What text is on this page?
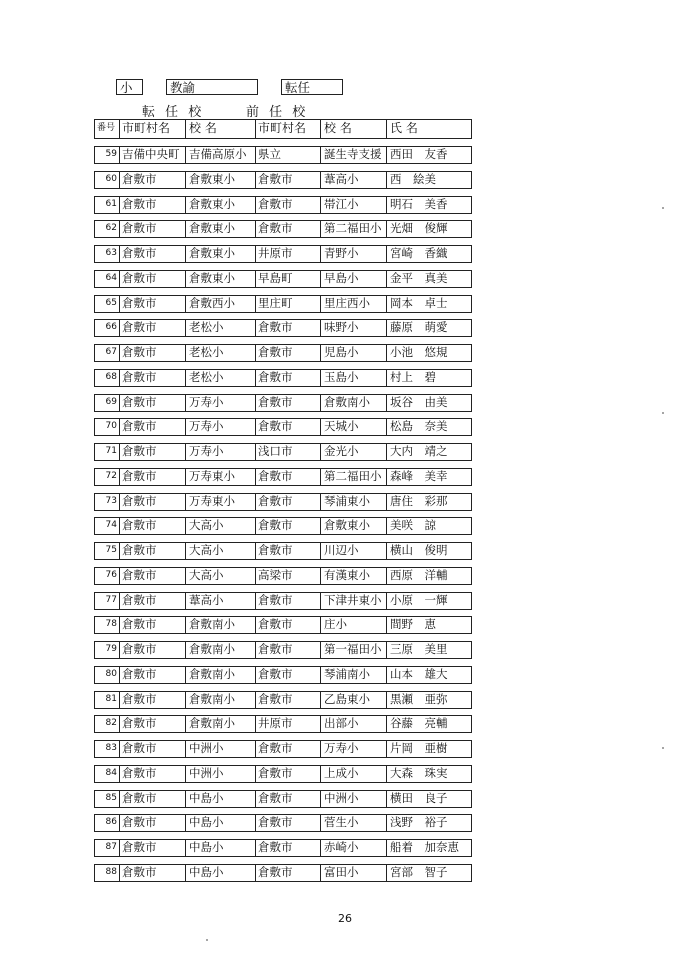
小	教諭	転任
転 任 校	前 任 校
番号 市町村名 校 名	市町村名 校 名	氏 名
59 吉備中央町 吉備高原小 県立	誕生寺支援 西田　友香
60 倉敷市	倉敷東小 倉敷市	葦高小	西　絵美
61 倉敷市	倉敷東小 倉敷市	帯江小	明石　美香
62 倉敷市	倉敷東小 倉敷市	第二福田小 光畑　俊輝
63 倉敷市	倉敷東小 井原市	青野小	宮崎　香織
64 倉敷市	倉敷東小 早島町	早島小	金平　真美
65 倉敷市	倉敷西小 里庄町	里庄西小 岡本　卓士
66 倉敷市	老松小	倉敷市	味野小	藤原　萌愛
67 倉敷市	老松小	倉敷市	児島小	小池　悠規
68 倉敷市	老松小	倉敷市	玉島小	村上　碧
69 倉敷市	万寿小	倉敷市	倉敷南小 坂谷　由美
70 倉敷市	万寿小	倉敷市	天城小	松島　奈美
71 倉敷市	万寿小	浅口市	金光小	大内　靖之
72 倉敷市	万寿東小 倉敷市	第二福田小 森峰　美幸
73 倉敷市	万寿東小 倉敷市	琴浦東小 唐住　彩那
74 倉敷市	大高小	倉敷市	倉敷東小 美咲　諒
75 倉敷市	大高小	倉敷市	川辺小	横山　俊明
76 倉敷市	大高小	高梁市	有漢東小 西原　洋輔
77 倉敷市	葦高小	倉敷市	下津井東小 小原　一輝
78 倉敷市	倉敷南小 倉敷市	庄小	間野　恵
79 倉敷市	倉敷南小 倉敷市	第一福田小 三原　美里
80 倉敷市	倉敷南小 倉敷市	琴浦南小 山本　雄大
81 倉敷市	倉敷南小 倉敷市	乙島東小 黒瀬　亜弥
82 倉敷市	倉敷南小 井原市	出部小	谷藤　亮輔
83 倉敷市	中洲小	倉敷市	万寿小	片岡　亜樹
84 倉敷市	中洲小	倉敷市	上成小	大森　珠実
85 倉敷市	中島小	倉敷市	中洲小	横田　良子
86 倉敷市	中島小	倉敷市	菅生小	浅野　裕子
87 倉敷市	中島小	倉敷市	赤崎小	船着　加奈恵
88 倉敷市	中島小	倉敷市	富田小	宮部　智子
26
